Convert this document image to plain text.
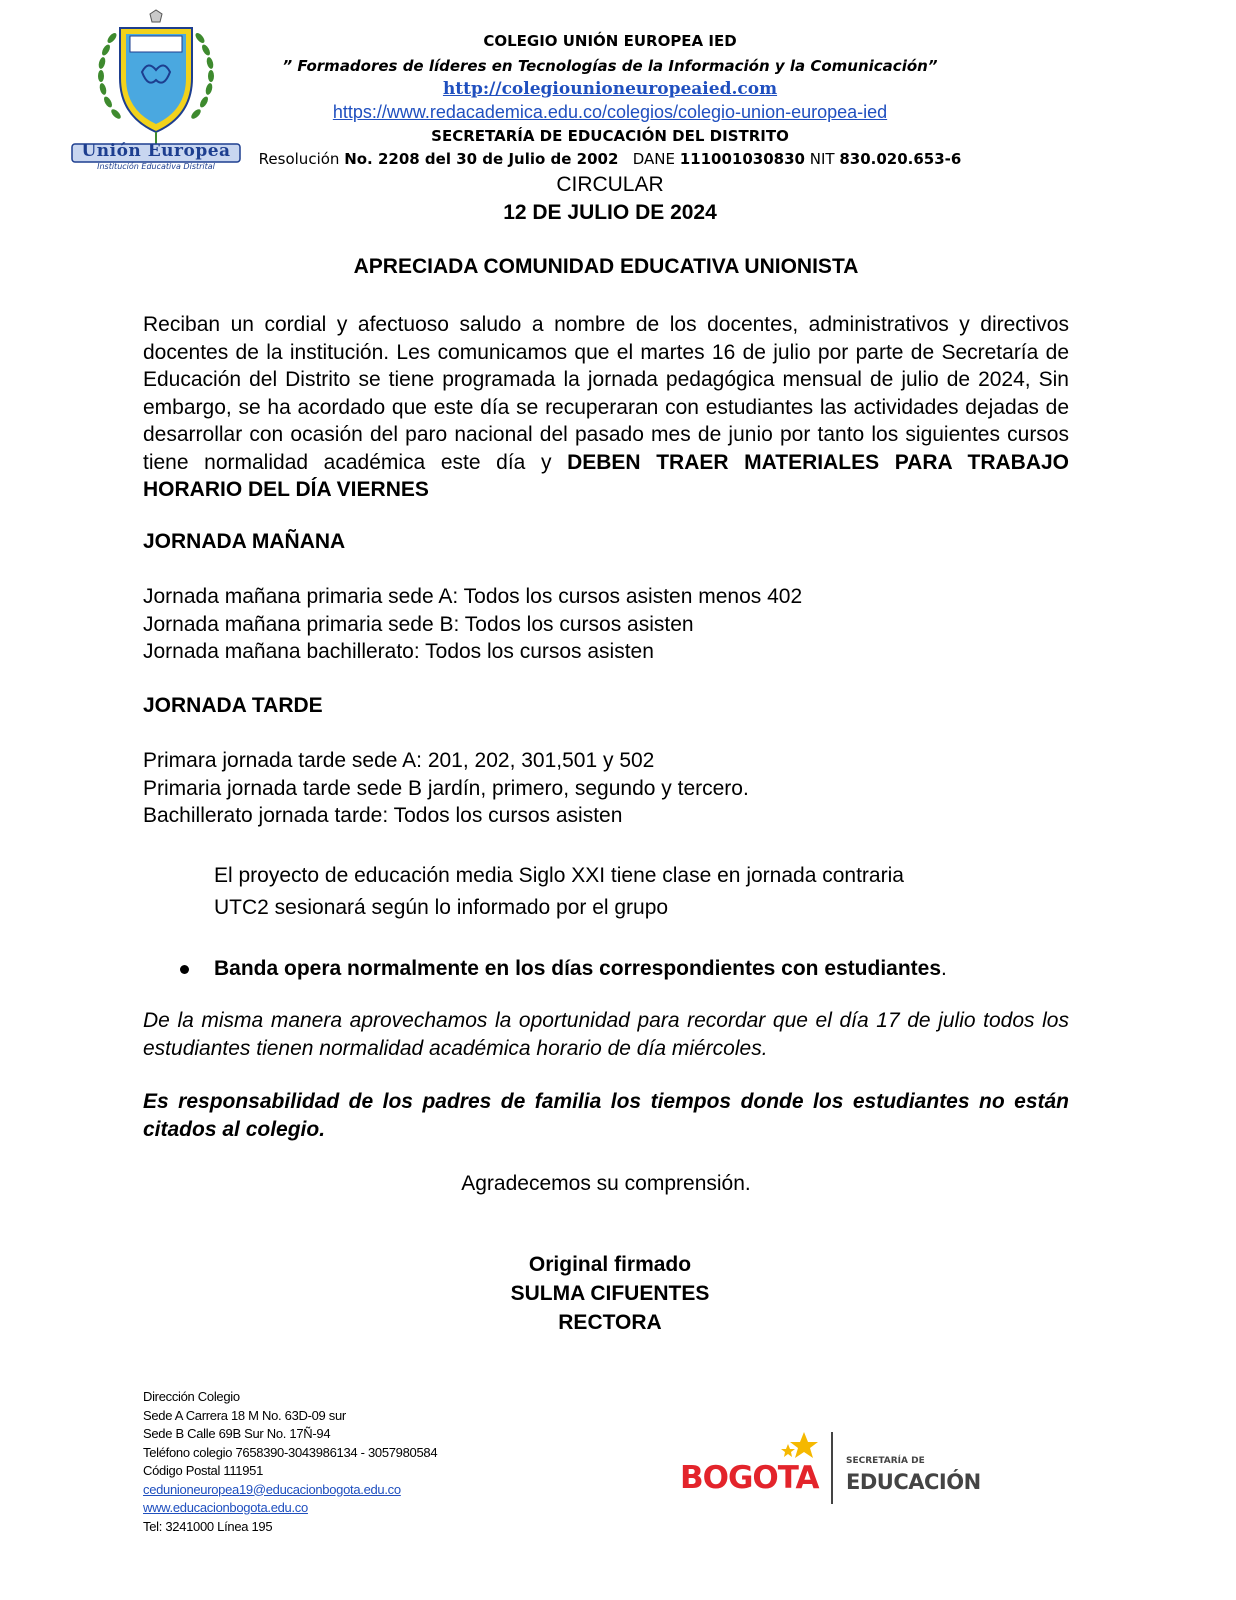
Unión Europea
Institución Educativa Distrital
COLEGIO UNIÓN EUROPEA IED
” Formadores de líderes en Tecnologías de la Información y la Comunicación”
http://colegiounioneuropeaied.com
https://www.redacademica.edu.co/colegios/colegio-union-europea-ied
SECRETARÍA DE EDUCACIÓN DEL DISTRITO
Resolución No. 2208 del 30 de Julio de 2002 DANE 111001030830 NIT 830.020.653-6
CIRCULAR
12 DE JULIO DE 2024
APRECIADA COMUNIDAD EDUCATIVA UNIONISTA
Reciban un cordial y afectuoso saludo a nombre de los docentes, administrativos y directivos docentes de la institución. Les comunicamos que el martes 16 de julio por parte de Secretaría de Educación del Distrito se tiene programada la jornada pedagógica mensual de julio de 2024, Sin embargo, se ha acordado que este día se recuperaran con estudiantes las actividades dejadas de desarrollar con ocasión del paro nacional del pasado mes de junio por tanto los siguientes cursos tiene normalidad académica este día y DEBEN TRAER MATERIALES PARA TRABAJO HORARIO DEL DÍA VIERNES
JORNADA MAÑANA
Jornada mañana primaria sede A: Todos los cursos asisten menos 402
Jornada mañana primaria sede B: Todos los cursos asisten
Jornada mañana bachillerato: Todos los cursos asisten
JORNADA TARDE
Primara jornada tarde sede A: 201, 202, 301,501 y 502
Primaria jornada tarde sede B jardín, primero, segundo y tercero.
Bachillerato jornada tarde: Todos los cursos asisten
El proyecto de educación media Siglo XXI tiene clase en jornada contraria
UTC2 sesionará según lo informado por el grupo
Banda opera normalmente en los días correspondientes con estudiantes.
De la misma manera aprovechamos la oportunidad para recordar que el día 17 de julio todos los estudiantes tienen normalidad académica horario de día miércoles.
Es responsabilidad de los padres de familia los tiempos donde los estudiantes no están citados al colegio.
Agradecemos su comprensión.
Original firmado
SULMA CIFUENTES
RECTORA
Dirección Colegio
Sede A Carrera 18 M No. 63D-09 sur
Sede B Calle 69B Sur No. 17Ñ-94
Teléfono colegio 7658390-3043986134 - 3057980584
Código Postal 111951
cedunioneuropea19@educacionbogota.edu.co
www.educacionbogota.edu.co
Tel: 3241000 Línea 195
BOGOTA	SECRETARÍA DE
EDUCACIÓN
